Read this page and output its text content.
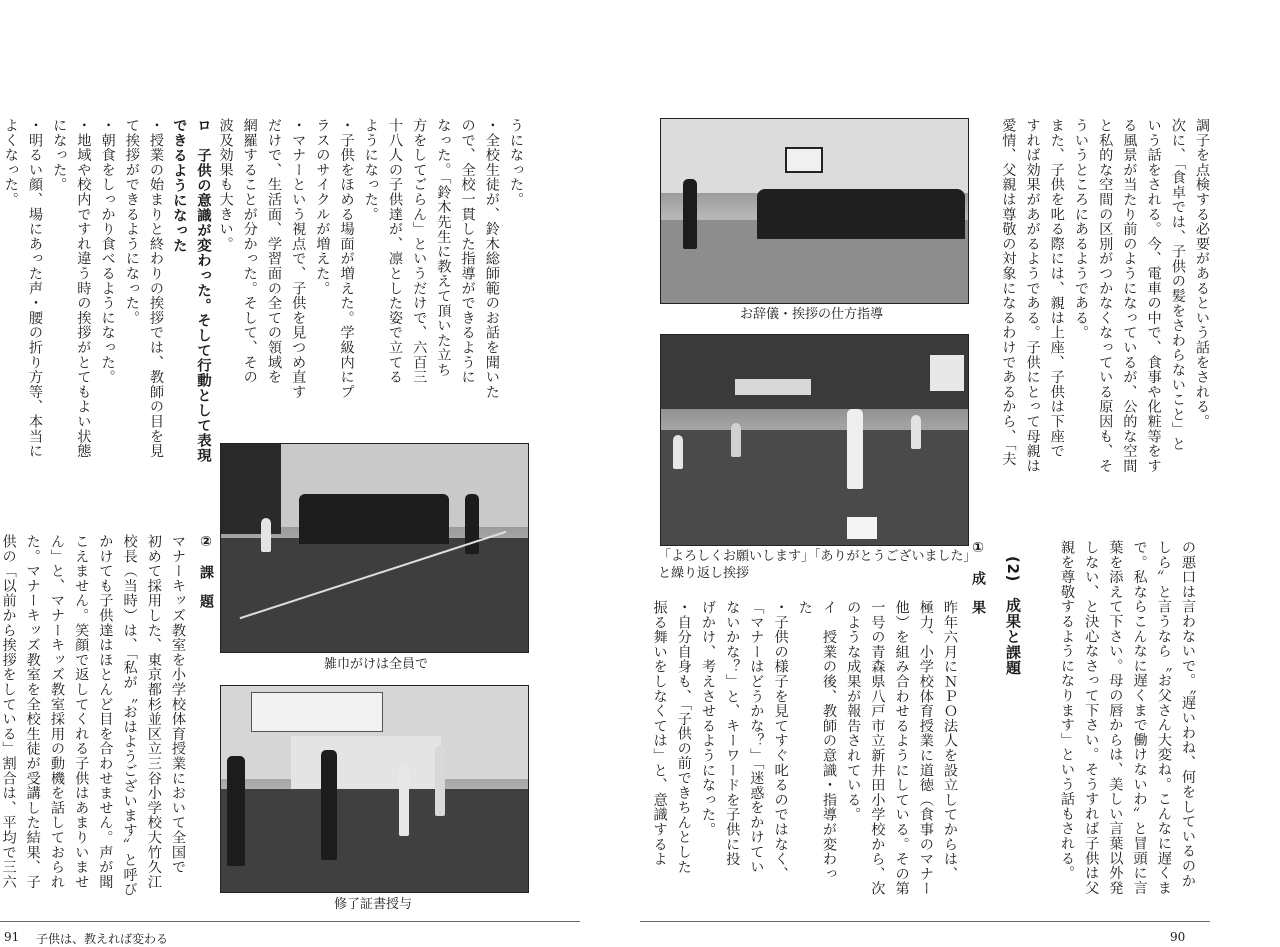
調子を点検する必要があるという話をされる。
次に、「食卓では、子供の髪をさわらないこと」と
いう話をされる。今、電車の中で、食事や化粧等をす
る風景が当たり前のようになっているが、公的な空間
と私的な空間の区別がつかなくなっている原因も、そ
ういうところにあるようである。
また、子供を叱る際には、親は上座、子供は下座で
すれば効果があがるようである。子供にとって母親は
愛情、父親は尊敬の対象になるわけであるから、「夫

の悪口は言わないで。〝遅いわね、何をしているのか
しら〟と言うなら〝お父さん大変ね。こんなに遅くま
で。私ならこんなに遅くまで働けないわ〟と冒頭に言
葉を添えて下さい。母の唇からは、美しい言葉以外発
しない、と決心なさって下さい。そうすれば子供は父
親を尊敬するようになります」という話もされる。

(2)　成果と課題

①　成　果

昨年六月にＮＰＯ法人を設立してからは、
極力、小学校体育授業に道徳（食事のマナー
他）を組み合わせるようにしている。その第
一号の青森県八戸市立新井田小学校から、次
のような成果が報告されている。
イ　授業の後、教師の意識・指導が変わっ
た
・子供の様子を見てすぐ叱るのではなく、
「マナーはどうかな？」「迷惑をかけてい
ないかな？」と、キーワードを子供に投
げかけ、考えさせるようになった。
・自分自身も、「子供の前できちんとした
振る舞いをしなくては」と、意識するよ

お辞儀・挨拶の仕方指導
「よろしくお願いします」「ありがとうございました」
と繰り返し挨拶
90

うになった。
・全校生徒が、鈴木総師範のお話を聞いた
ので、全校一貫した指導ができるように
なった。「鈴木先生に教えて頂いた立ち
方をしてごらん」というだけで、六百三
十八人の子供達が、凛とした姿で立てる
ようになった。
・子供をほめる場面が増えた。学級内にプ
ラスのサイクルが増えた。
・マナーという視点で、子供を見つめ直す
だけで、生活面、学習面の全ての領域を
網羅することが分かった。そして、その
波及効果も大きい。

ロ　子供の意識が変わった。そして行動として表現
できるようになった

・授業の始まりと終わりの挨拶では、教師の目を見
て挨拶ができるようになった。
・朝食をしっかり食べるようになった。
・地域や校内ですれ違う時の挨拶がとてもよい状態
になった。
・明るい顔、場にあった声・腰の折り方等、本当に
よくなった。

②　課　題

マナーキッズ教室を小学校体育授業において全国で
初めて採用した、東京都杉並区立三谷小学校大竹久江
校長（当時）は、「私が〝おはようございます〟と呼び
かけても子供達はほとんど目を合わせません。声が聞
こえません。笑顔で返してくれる子供はあまりいませ
ん」と、マナーキッズ教室採用の動機を話しておられ
た。マナーキッズ教室を全校生徒が受講した結果、子
供の「以前から挨拶をしている」割合は、平均で三六	雑巾がけは全員で
修了証書授与
91 子供は、教えれば変わる
